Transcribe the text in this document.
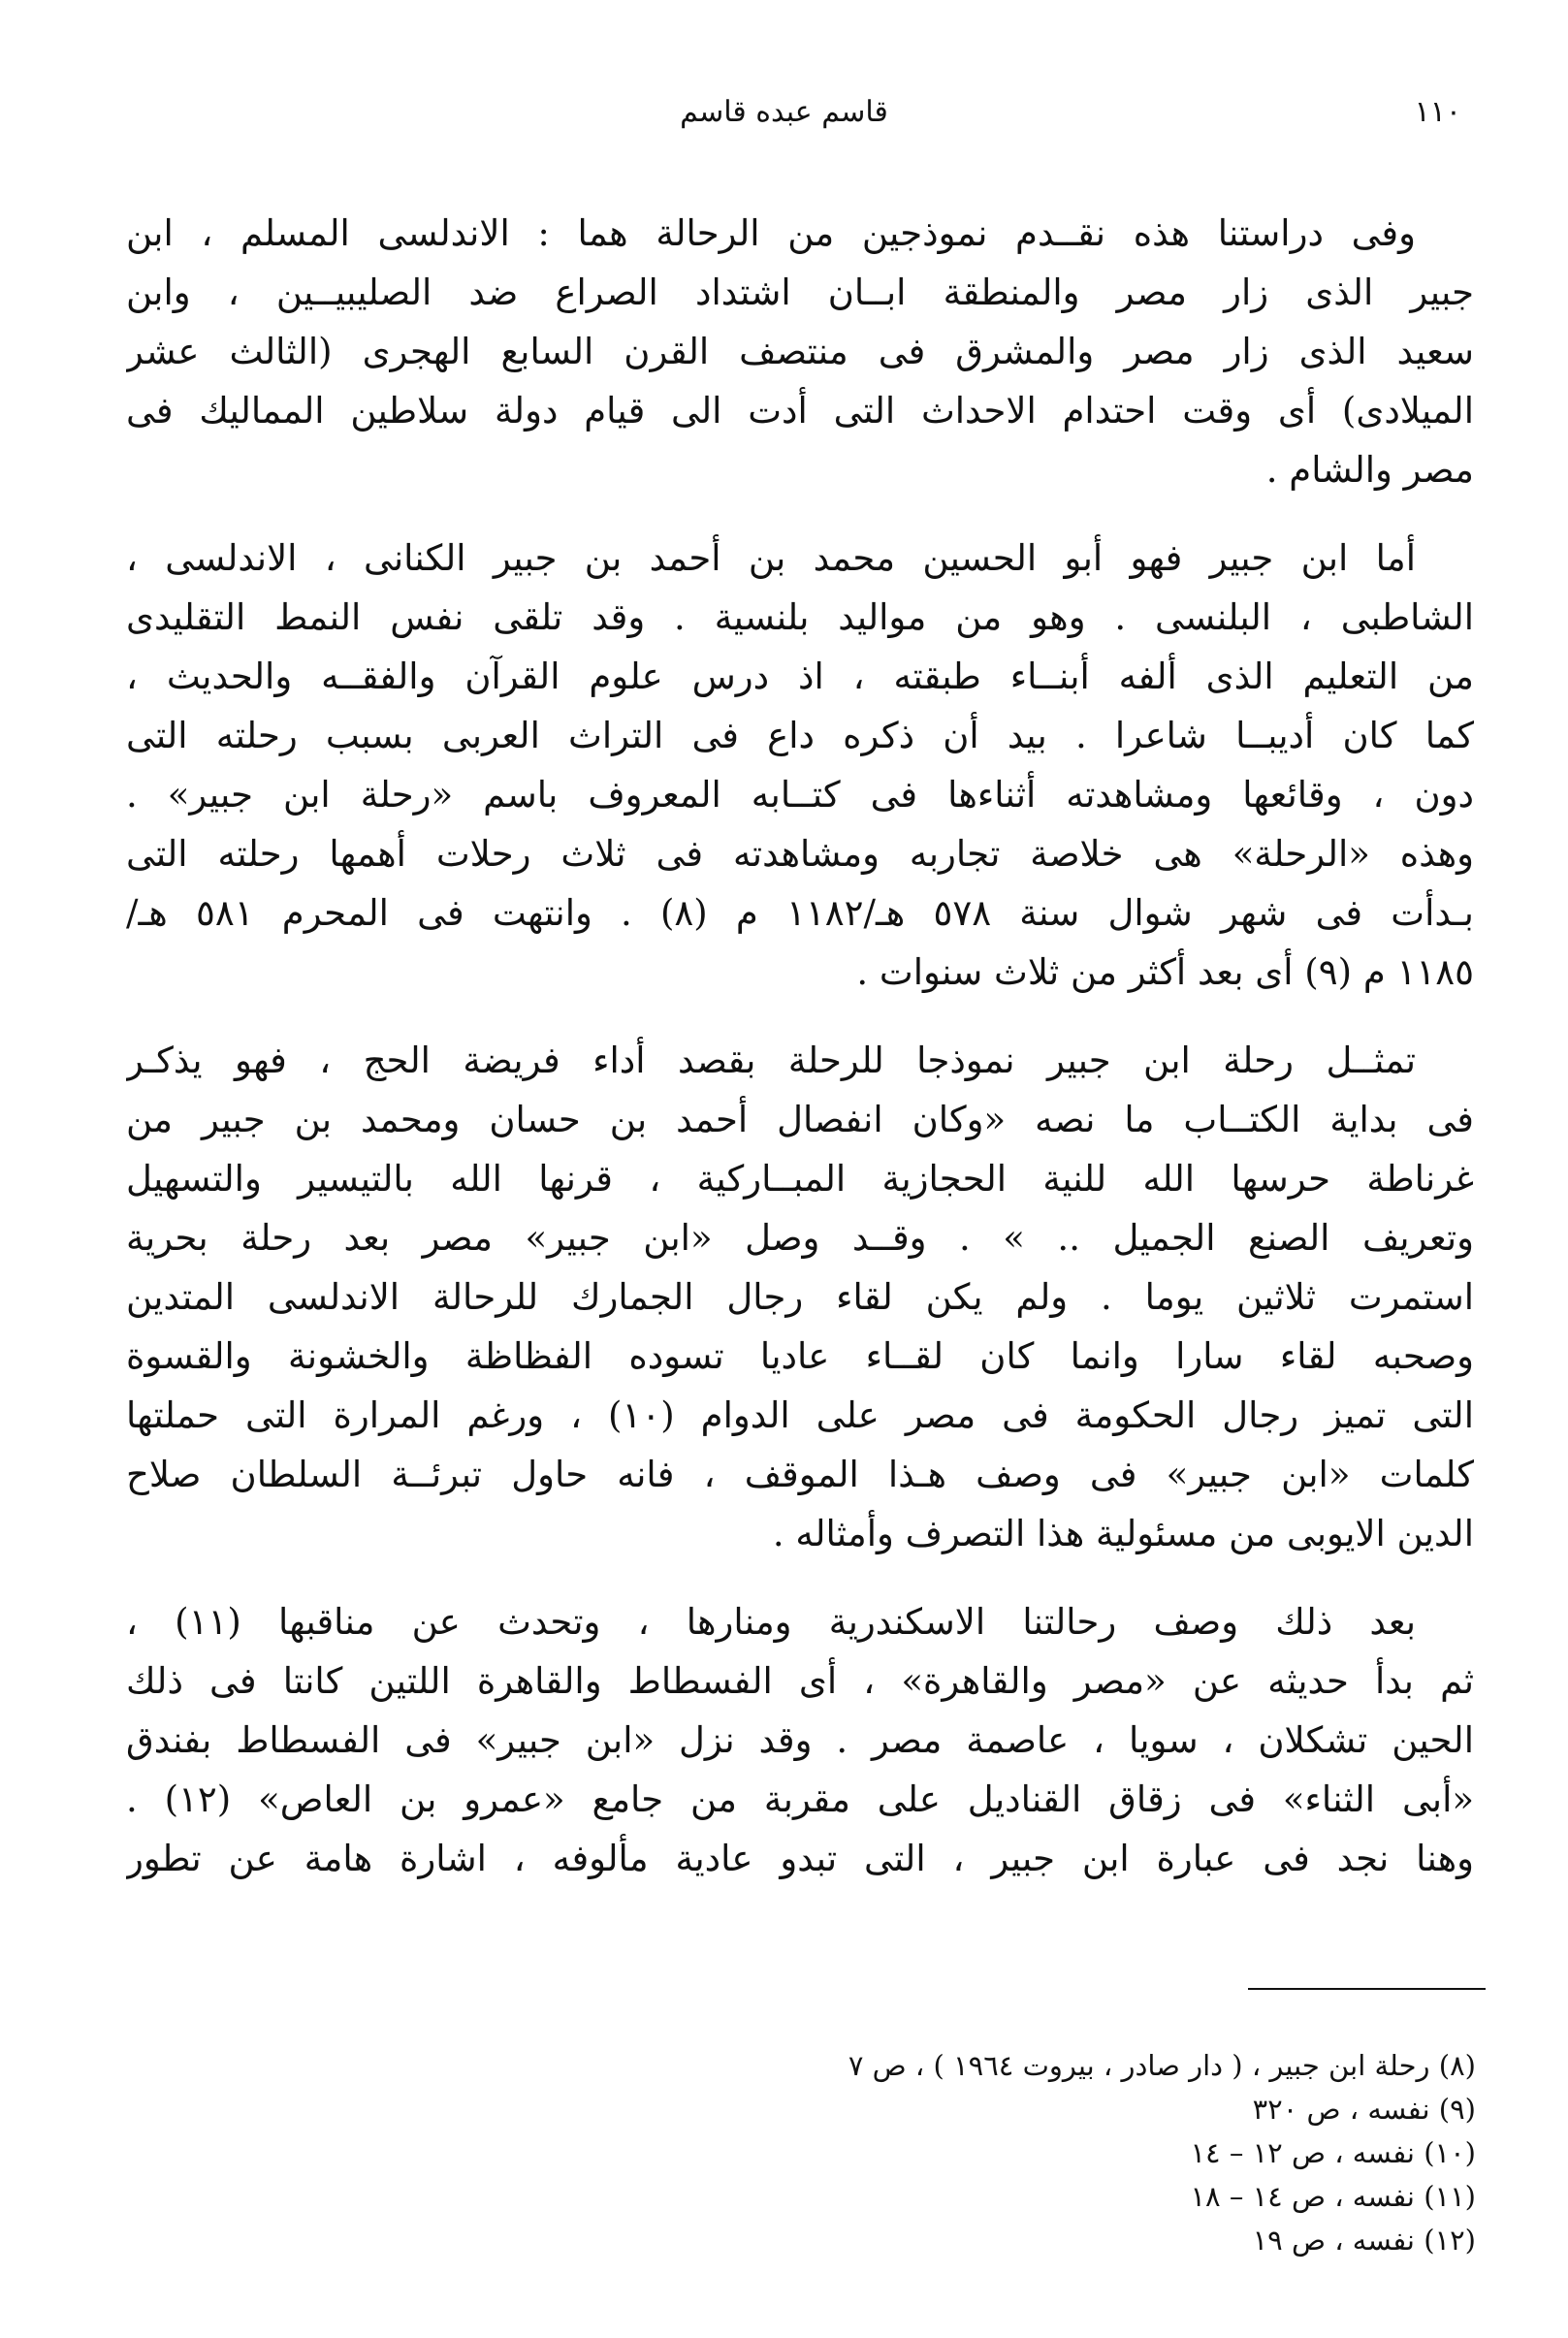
١١٠
قاسم عبده قاسم
وفى دراستنا هذه نقــدم نموذجين من الرحالة هما : الاندلسى المسلم ، ابن
جبير الذى زار مصر والمنطقة ابــان اشتداد الصراع ضد الصليبيــين ، وابن
سعيد الذى زار مصر والمشرق فى منتصف القرن السابع الهجرى (الثالث عشر
الميلادى) أى وقت احتدام الاحداث التى أدت الى قيام دولة سلاطين المماليك فى
مصر والشام .
أما ابن جبير فهو أبو الحسين محمد بن أحمد بن جبير الكنانى ، الاندلسى ،
الشاطبى ، البلنسى . وهو من مواليد بلنسية . وقد تلقى نفس النمط التقليدى
من التعليم الذى ألفه أبنــاء طبقته ، اذ درس علوم القرآن والفقــه والحديث ،
كما كان أديبــا شاعرا . بيد أن ذكره داع فى التراث العربى بسبب رحلته التى
دون ، وقائعها ومشاهدته أثناءها فى كتــابه المعروف باسم «رحلة ابن جبير» .
وهذه «الرحلة» هى خلاصة تجاربه ومشاهدته فى ثلاث رحلات أهمها رحلته التى
بـدأت فى شهر شوال سنة ٥٧٨ هـ/١١٨٢ م (٨) . وانتهت فى المحرم ٥٨١ هـ/
١١٨٥ م (٩) أى بعد أكثر من ثلاث سنوات .
تمثــل رحلة ابن جبير نموذجا للرحلة بقصد أداء فريضة الحج ، فهو يذكـر
فى بداية الكتــاب ما نصه «وكان انفصال أحمد بن حسان ومحمد بن جبير من
غرناطة حرسها الله للنية الحجازية المبــاركية ، قرنها الله بالتيسير والتسهيل
وتعريف الصنع الجميل .. » . وقــد وصل «ابن جبير» مصر بعد رحلة بحرية
استمرت ثلاثين يوما . ولم يكن لقاء رجال الجمارك للرحالة الاندلسى المتدين
وصحبه لقاء سارا وانما كان لقــاء عاديا تسوده الفظاظة والخشونة والقسوة
التى تميز رجال الحكومة فى مصر على الدوام (١٠) ، ورغم المرارة التى حملتها
كلمات «ابن جبير» فى وصف هـذا الموقف ، فانه حاول تبرئــة السلطان صلاح
الدين الايوبى من مسئولية هذا التصرف وأمثاله .
بعد ذلك وصف رحالتنا الاسكندرية ومنارها ، وتحدث عن مناقبها (١١) ،
ثم بدأ حديثه عن «مصر والقاهرة» ، أى الفسطاط والقاهرة اللتين كانتا فى ذلك
الحين تشكلان ، سويا ، عاصمة مصر . وقد نزل «ابن جبير» فى الفسطاط بفندق
«أبى الثناء» فى زقاق القناديل على مقربة من جامع «عمرو بن العاص» (١٢) .
وهنا نجد فى عبارة ابن جبير ، التى تبدو عادية مألوفه ، اشارة هامة عن تطور
(٨) رحلة ابن جبير ، ( دار صادر ، بيروت ١٩٦٤ ) ، ص ٧
(٩) نفسه ، ص ٣٢٠
(١٠) نفسه ، ص ١٢ – ١٤
(١١) نفسه ، ص ١٤ – ١٨
(١٢) نفسه ، ص ١٩
